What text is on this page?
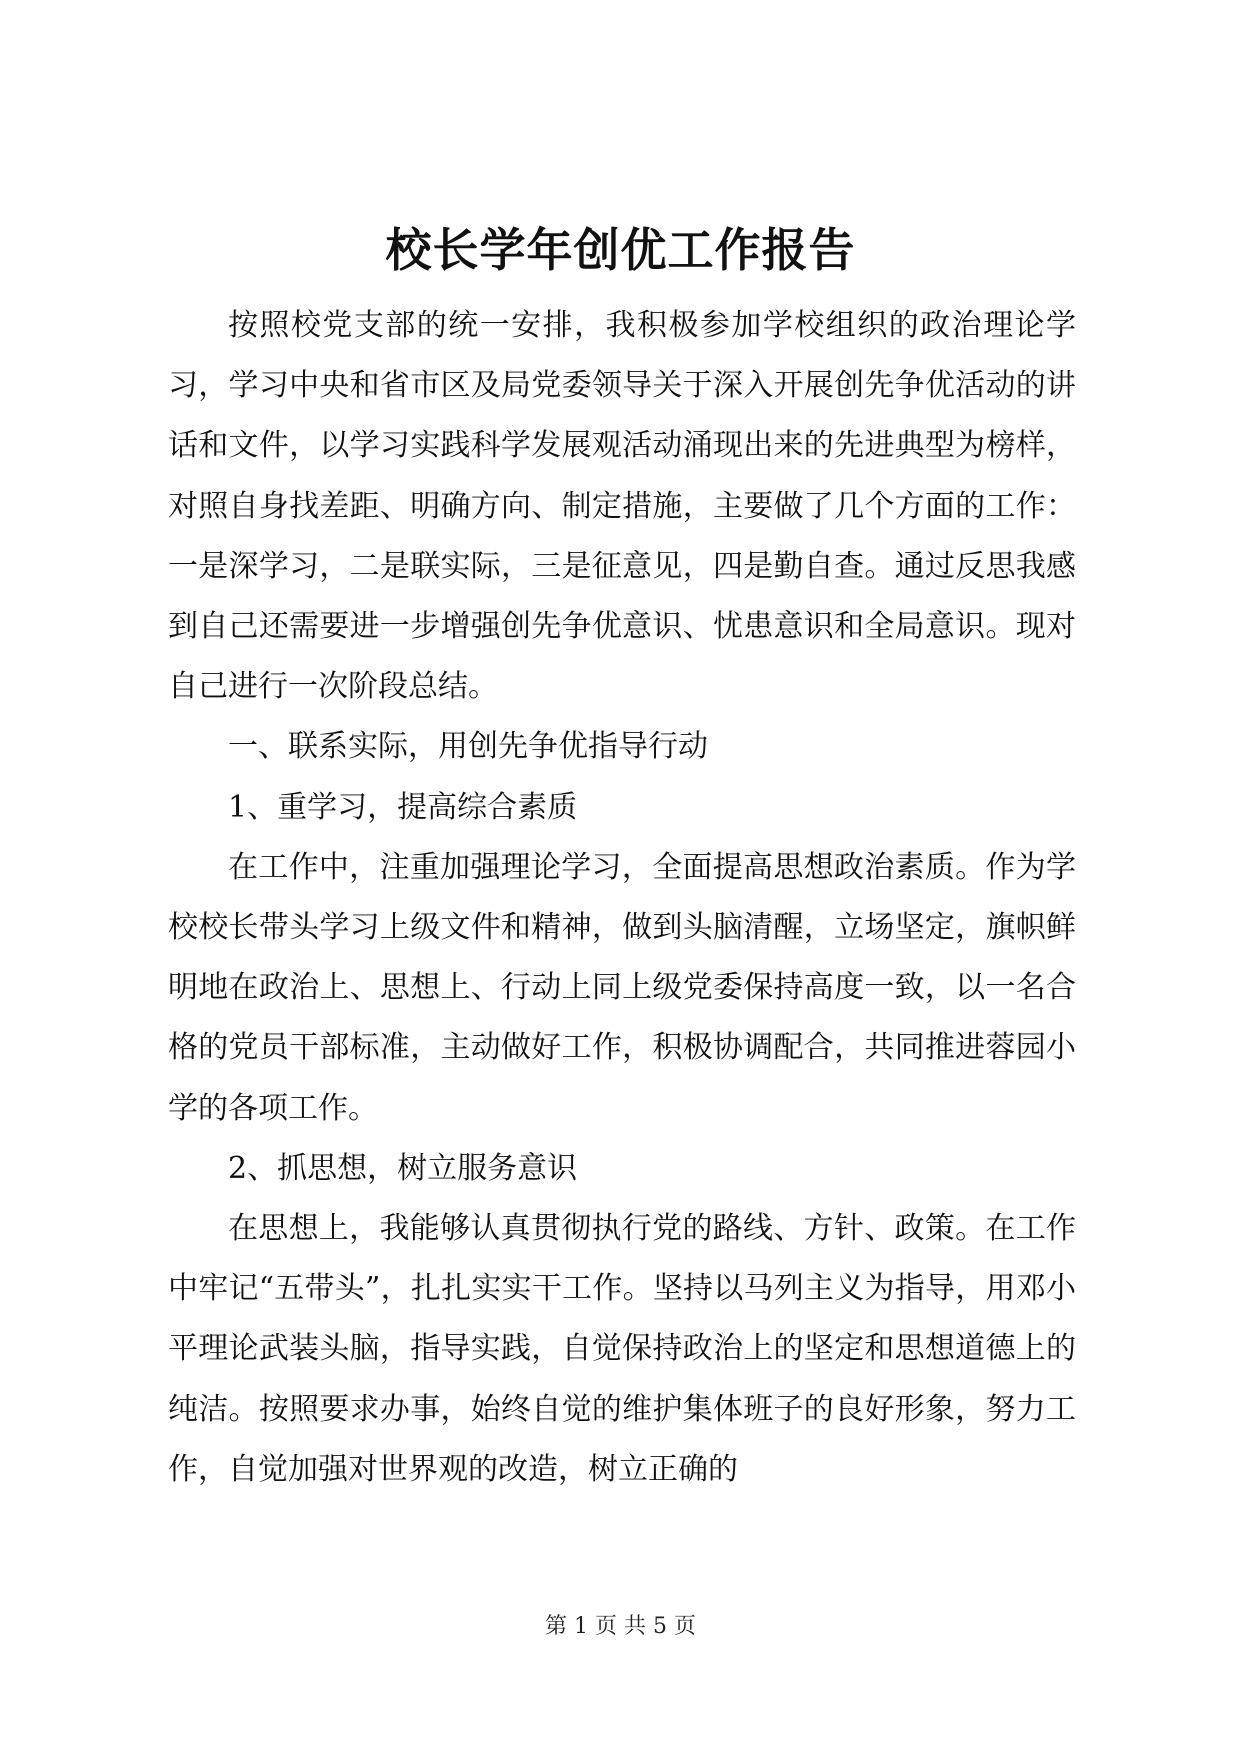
校长学年创优工作报告

按照校党支部的统一安排，我积极参加学校组织的政治理论学习，学习中央和省市区及局党委领导关于深入开展创先争优活动的讲话和文件，以学习实践科学发展观活动涌现出来的先进典型为榜样，对照自身找差距、明确方向、制定措施，主要做了几个方面的工作：一是深学习，二是联实际，三是征意见，四是勤自查。通过反思我感到自己还需要进一步增强创先争优意识、忧患意识和全局意识。现对自己进行一次阶段总结。

一、联系实际，用创先争优指导行动

1、重学习，提高综合素质

在工作中，注重加强理论学习，全面提高思想政治素质。作为学校校长带头学习上级文件和精神，做到头脑清醒，立场坚定，旗帜鲜明地在政治上、思想上、行动上同上级党委保持高度一致，以一名合格的党员干部标准，主动做好工作，积极协调配合，共同推进蓉园小学的各项工作。

2、抓思想，树立服务意识

在思想上，我能够认真贯彻执行党的路线、方针、政策。在工作中牢记“五带头”，扎扎实实干工作。坚持以马列主义为指导，用邓小平理论武装头脑，指导实践，自觉保持政治上的坚定和思想道德上的纯洁。按照要求办事，始终自觉的维护集体班子的良好形象，努力工作，自觉加强对世界观的改造，树立正确的

第 1 页 共 5 页
